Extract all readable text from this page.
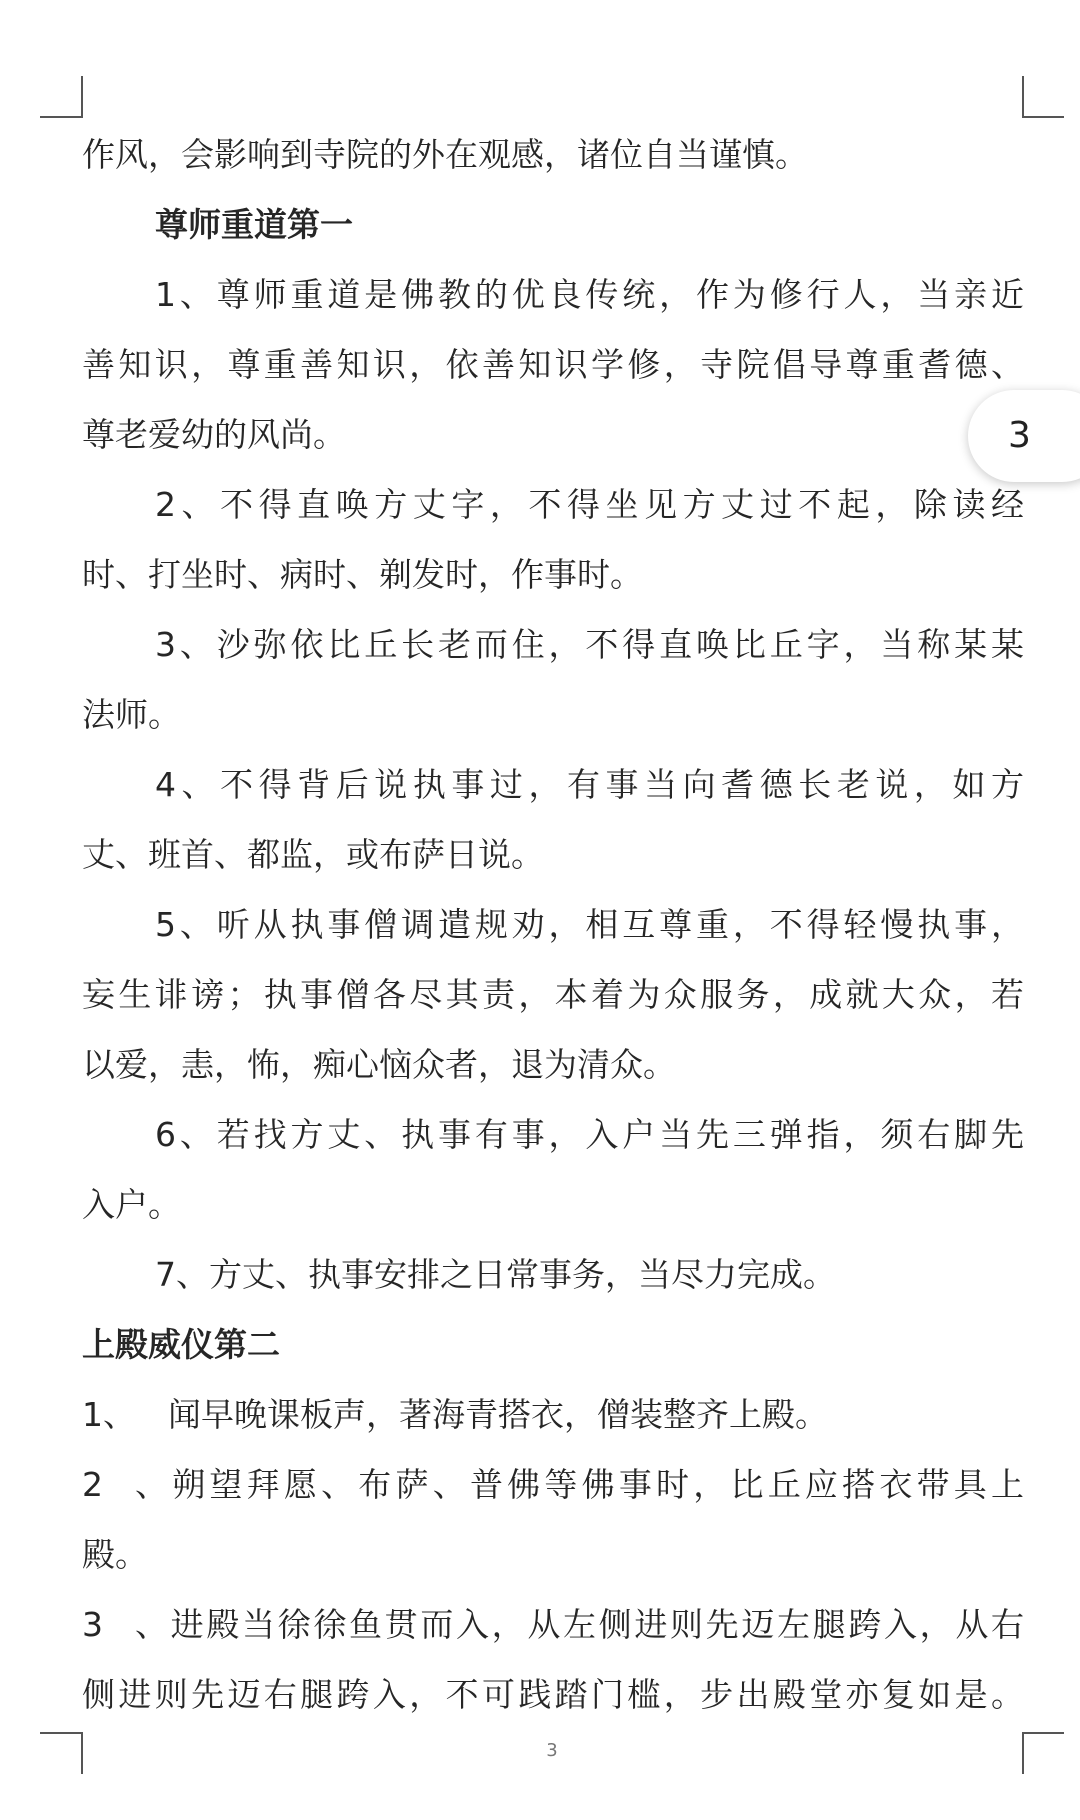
作风，会影响到寺院的外在观感，诸位自当谨慎。
尊师重道第一
1、尊师重道是佛教的优良传统，作为修行人，当亲近
善知识，尊重善知识，依善知识学修，寺院倡导尊重耆德、
尊老爱幼的风尚。
2、不得直唤方丈字，不得坐见方丈过不起，除读经
时、打坐时、病时、剃发时，作事时。
3、沙弥依比丘长老而住，不得直唤比丘字，当称某某
法师。
4、不得背后说执事过，有事当向耆德长老说，如方
丈、班首、都监，或布萨日说。
5、听从执事僧调遣规劝，相互尊重，不得轻慢执事，
妄生诽谤；执事僧各尽其责，本着为众服务，成就大众，若
以爱，恚，怖，痴心恼众者，退为清众。
6、若找方丈、执事有事，入户当先三弹指，须右脚先
入户。
7、方丈、执事安排之日常事务，当尽力完成。
上殿威仪第二
1、 闻早晚课板声，著海青搭衣，僧装整齐上殿。
2、朔望拜愿、布萨、普佛等佛事时，比丘应搭衣带具上
殿。
3、进殿当徐徐鱼贯而入，从左侧进则先迈左腿跨入，从右
侧进则先迈右腿跨入，不可践踏门槛，步出殿堂亦复如是。
3
3
